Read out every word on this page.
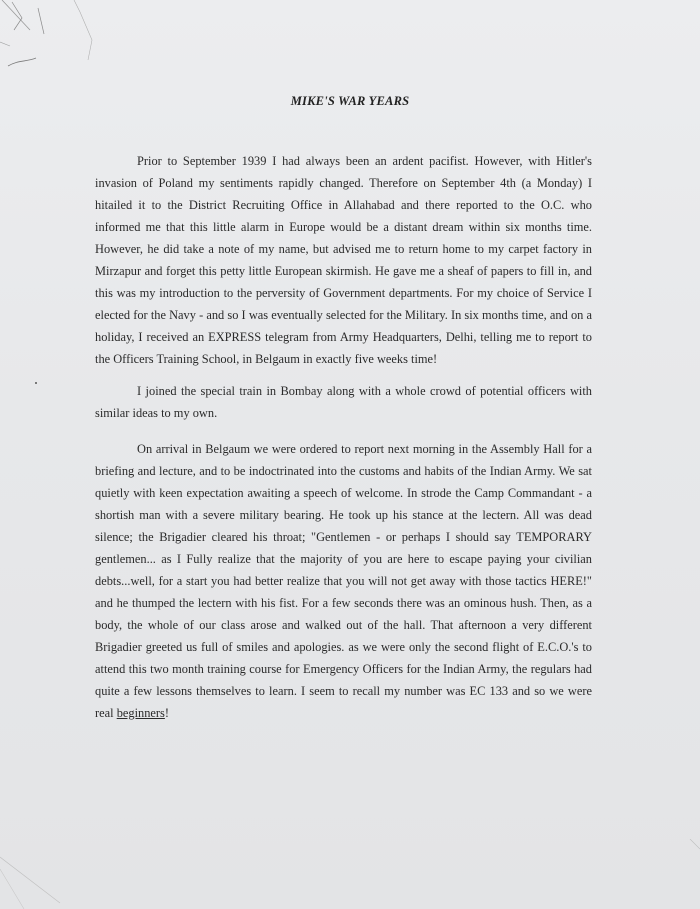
MIKE'S WAR YEARS

Prior to September 1939 I had always been an ardent pacifist. However, with Hitler's invasion of Poland my sentiments rapidly changed. Therefore on September 4th (a Monday) I hitailed it to the District Recruiting Office in Allahabad and there reported to the O.C. who informed me that this little alarm in Europe would be a distant dream within six months time. However, he did take a note of my name, but advised me to return home to my carpet factory in Mirzapur and forget this petty little European skirmish. He gave me a sheaf of papers to fill in, and this was my introduction to the perversity of Government departments. For my choice of Service I elected for the Navy - and so I was eventually selected for the Military. In six months time, and on a holiday, I received an EXPRESS telegram from Army Headquarters, Delhi, telling me to report to the Officers Training School, in Belgaum in exactly five weeks time!

I joined the special train in Bombay along with a whole crowd of potential officers with similar ideas to my own.

On arrival in Belgaum we were ordered to report next morning in the Assembly Hall for a briefing and lecture, and to be indoctrinated into the customs and habits of the Indian Army. We sat quietly with keen expectation awaiting a speech of welcome. In strode the Camp Commandant - a shortish man with a severe military bearing. He took up his stance at the lectern. All was dead silence; the Brigadier cleared his throat; "Gentlemen - or perhaps I should say TEMPORARY gentlemen... as I Fully realize that the majority of you are here to escape paying your civilian debts...well, for a start you had better realize that you will not get away with those tactics HERE!" and he thumped the lectern with his fist. For a few seconds there was an ominous hush. Then, as a body, the whole of our class arose and walked out of the hall. That afternoon a very different Brigadier greeted us full of smiles and apologies. as we were only the second flight of E.C.O.'s to attend this two month training course for Emergency Officers for the Indian Army, the regulars had quite a few lessons themselves to learn. I seem to recall my number was EC 133 and so we were real beginners!
